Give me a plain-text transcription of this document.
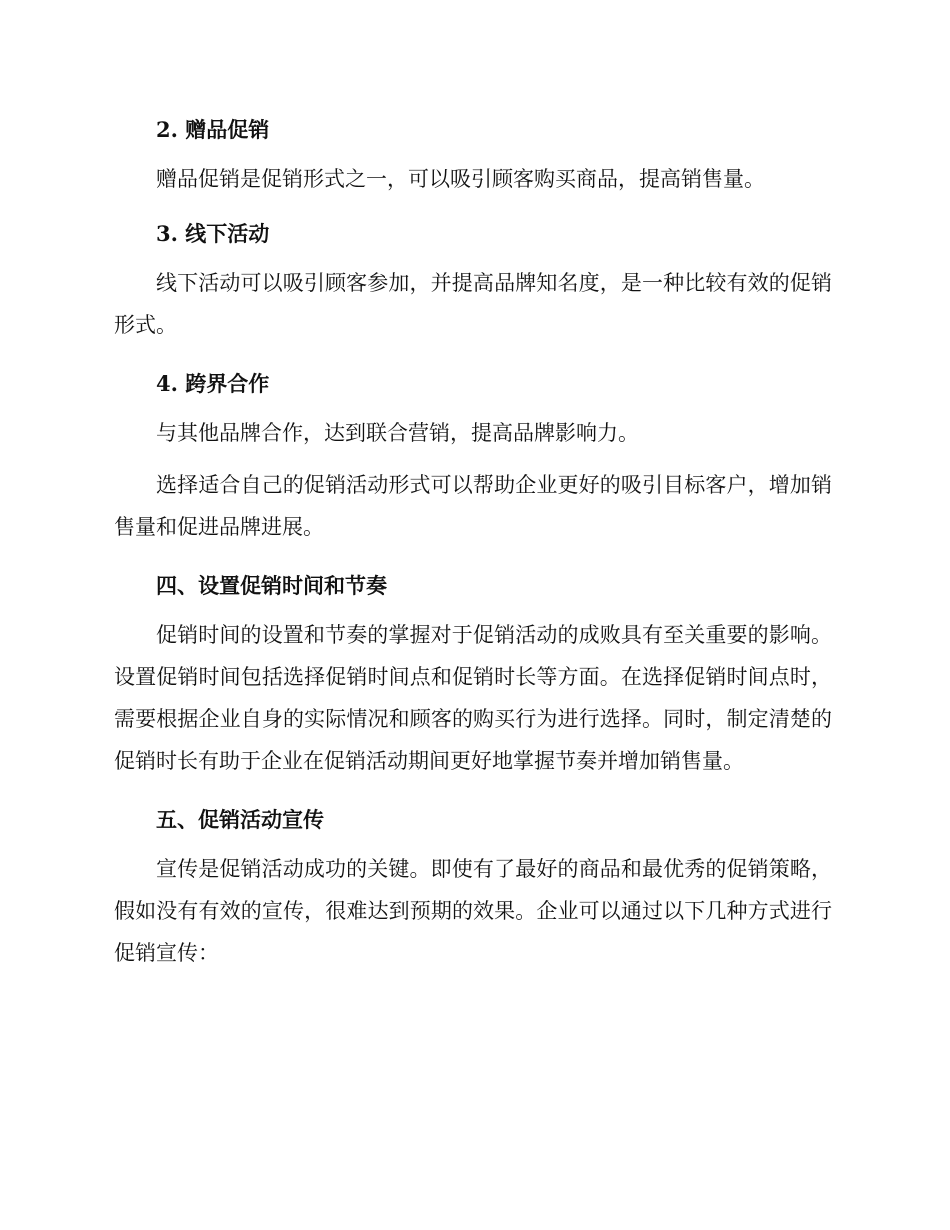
2. 赠品促销

赠品促销是促销形式之一，可以吸引顾客购买商品，提高销售量。

3. 线下活动

线下活动可以吸引顾客参加，并提高品牌知名度，是一种比较有效的促销形式。

4. 跨界合作

与其他品牌合作，达到联合营销，提高品牌影响力。

选择适合自己的促销活动形式可以帮助企业更好的吸引目标客户，增加销售量和促进品牌进展。

四、设置促销时间和节奏

促销时间的设置和节奏的掌握对于促销活动的成败具有至关重要的影响。设置促销时间包括选择促销时间点和促销时长等方面。在选择促销时间点时，需要根据企业自身的实际情况和顾客的购买行为进行选择。同时，制定清楚的促销时长有助于企业在促销活动期间更好地掌握节奏并增加销售量。

五、促销活动宣传

宣传是促销活动成功的关键。即使有了最好的商品和最优秀的促销策略，假如没有有效的宣传，很难达到预期的效果。企业可以通过以下几种方式进行促销宣传：
